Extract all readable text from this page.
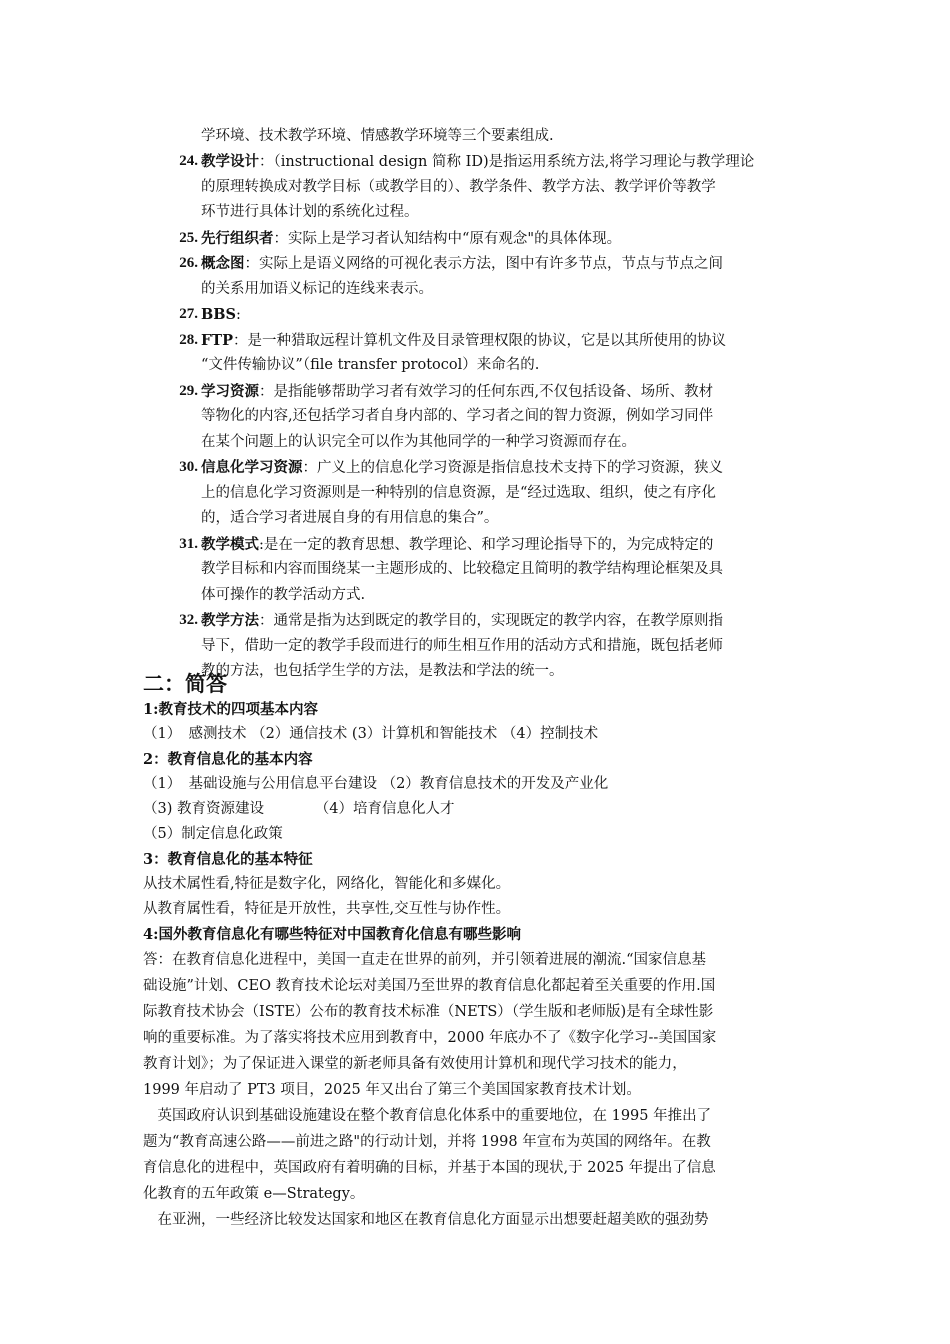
学环境、技术教学环境、情感教学环境等三个要素组成.
24. 教学设计：（instructional design 简称 ID)是指运用系统方法,将学习理论与教学理论
的原理转换成对教学目标（或教学目的）、教学条件、教学方法、教学评价等教学
环节进行具体计划的系统化过程。
25. 先行组织者：实际上是学习者认知结构中“原有观念"的具体体现。
26. 概念图：实际上是语义网络的可视化表示方法，图中有许多节点，节点与节点之间
的关系用加语义标记的连线来表示。
27. BBS:
28. FTP：是一种猎取远程计算机文件及目录管理权限的协议，它是以其所使用的协议
“文件传输协议”（file transfer protocol）来命名的.
29. 学习资源：是指能够帮助学习者有效学习的任何东西,不仅包括设备、场所、教材
等物化的内容,还包括学习者自身内部的、学习者之间的智力资源，例如学习同伴
在某个问题上的认识完全可以作为其他同学的一种学习资源而存在。
30. 信息化学习资源：广义上的信息化学习资源是指信息技术支持下的学习资源，狭义
上的信息化学习资源则是一种特别的信息资源，是“经过选取、组织，使之有序化
的，适合学习者进展自身的有用信息的集合”。
31. 教学模式:是在一定的教育思想、教学理论、和学习理论指导下的，为完成特定的
教学目标和内容而围绕某一主题形成的、比较稳定且简明的教学结构理论框架及具
体可操作的教学活动方式.
32. 教学方法：通常是指为达到既定的教学目的，实现既定的教学内容，在教学原则指
导下，借助一定的教学手段而进行的师生相互作用的活动方式和措施，既包括老师
教的方法，也包括学生学的方法，是教法和学法的统一。
二：简答
1:教育技术的四项基本内容
（1）　感测技术 （2）通信技术 (3）计算机和智能技术 （4）控制技术
2：教育信息化的基本内容
（1）　基础设施与公用信息平台建设 （2）教育信息技术的开发及产业化
（3) 教育资源建设　　　　（4）培育信息化人才
（5）制定信息化政策
3：教育信息化的基本特征
从技术属性看,特征是数字化，网络化，智能化和多媒化。
从教育属性看，特征是开放性，共享性,交互性与协作性。
4:国外教育信息化有哪些特征对中国教育化信息有哪些影响
答：在教育信息化进程中，美国一直走在世界的前列，并引领着进展的潮流.“国家信息基
础设施”计划、CEO 教育技术论坛对美国乃至世界的教育信息化都起着至关重要的作用.国
际教育技术协会（ISTE）公布的教育技术标准（NETS）（学生版和老师版)是有全球性影
响的重要标准。为了落实将技术应用到教育中，2000 年底办不了《数字化学习--美国国家
教育计划》；为了保证进入课堂的新老师具备有效使用计算机和现代学习技术的能力，
1999 年启动了 PT3 项目，2025 年又出台了第三个美国国家教育技术计划。
　英国政府认识到基础设施建设在整个教育信息化体系中的重要地位，在 1995 年推出了
题为“教育高速公路——前进之路"的行动计划，并将 1998 年宣布为英国的网络年。在教
育信息化的进程中，英国政府有着明确的目标，并基于本国的现状,于 2025 年提出了信息
化教育的五年政策 e—Strategy。
　在亚洲，一些经济比较发达国家和地区在教育信息化方面显示出想要赶超美欧的强劲势
